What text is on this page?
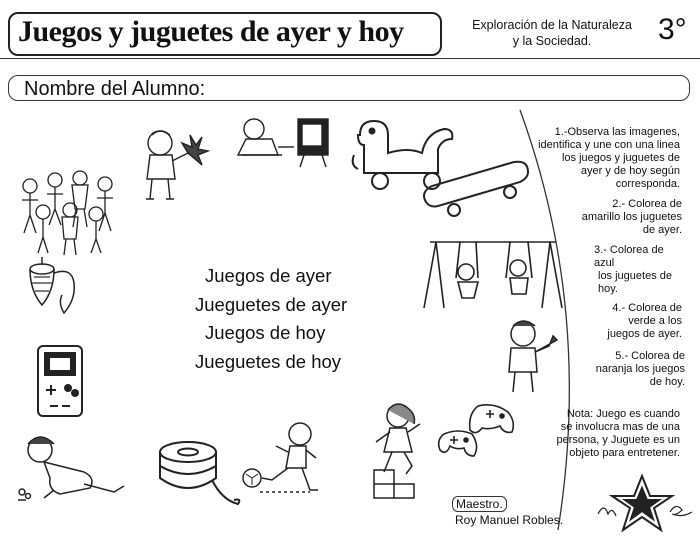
Juegos y juguetes de ayer y hoy	Exploración de la Naturaleza
y la Sociedad.	3°
Nombre del Alumno:
1.-Observa las imagenes,
identifica y une con una linea
los juegos y juguetes de
ayer y de hoy según
corresponda.
2.- Colorea de
amarillo los juguetes
de ayer.
3.- Colorea de
azul
los juguetes de
hoy.
4.- Colorea de
verde a los
juegos de ayer.
5.- Colorea de
naranja los juegos
de hoy.
Nota: Juego es cuando
se involucra mas de una
persona, y Juguete es un
objeto para entretener.
Juegos de ayer
Jueguetes de ayer
Juegos de hoy
Jueguetes de hoy
Maestro.
Roy Manuel Robles.
